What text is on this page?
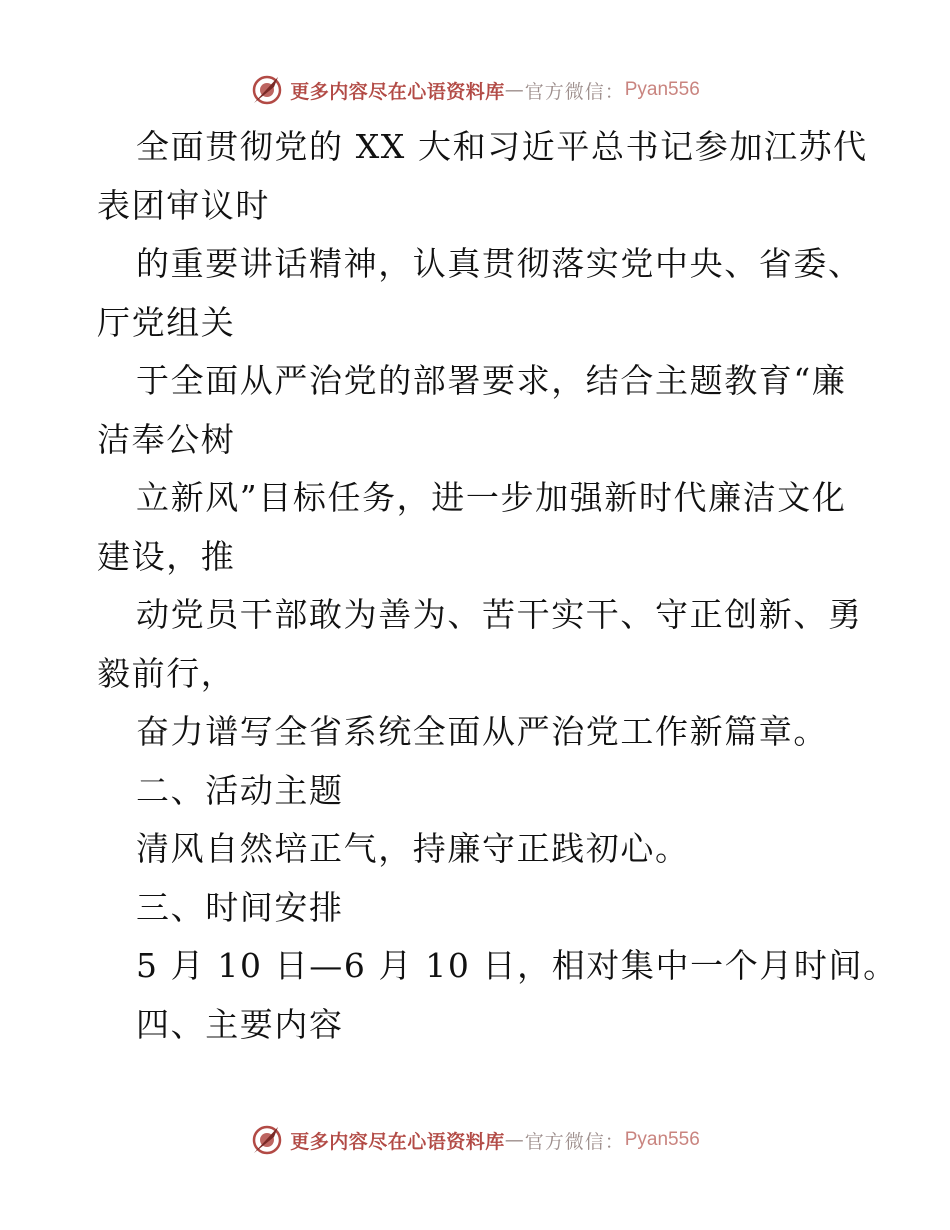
更多内容尽在心语资料库 — 官方微信： Pyan556
全面贯彻党的 XX 大和习近平总书记参加江苏代
表团审议时
的重要讲话精神，认真贯彻落实党中央、省委、
厅党组关
于全面从严治党的部署要求，结合主题教育“廉
洁奉公树
立新风”目标任务，进一步加强新时代廉洁文化
建设，推
动党员干部敢为善为、苦干实干、守正创新、勇
毅前行，
奋力谱写全省系统全面从严治党工作新篇章。
二、活动主题
清风自然培正气，持廉守正践初心。
三、时间安排
5 月 10 日—6 月 10 日，相对集中一个月时间。
四、主要内容
更多内容尽在心语资料库 — 官方微信： Pyan556
